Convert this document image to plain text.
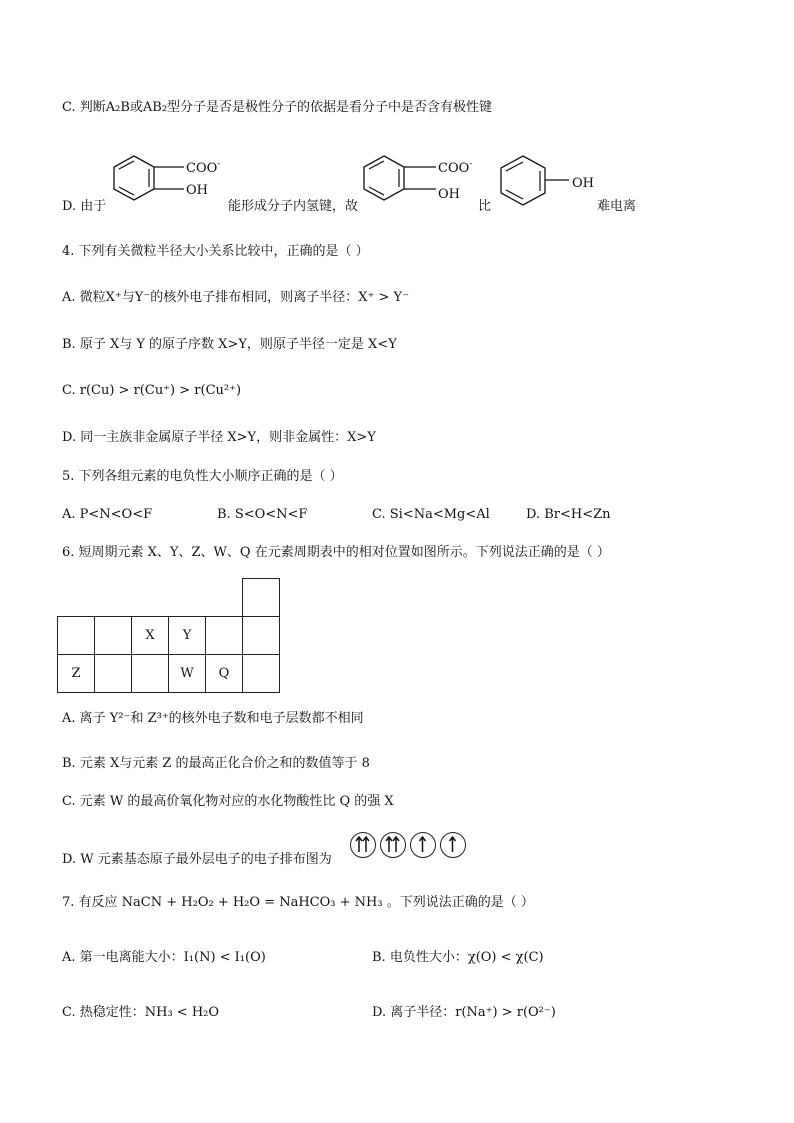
C. 判断A₂B或AB₂型分子是否是极性分子的依据是看分子中是否含有极性键
COO-
OH
D. 由于	能形成分子内氢键，故
COO-
OH
比
OH
难电离
4. 下列有关微粒半径大小关系比较中，正确的是（ ）
A. 微粒X⁺与Y⁻的核外电子排布相同，则离子半径：X⁺ > Y⁻
B. 原子 X与 Y 的原子序数 X>Y，则原子半径一定是 X<Y
C. r(Cu) > r(Cu⁺) > r(Cu²⁺)
D. 同一主族非金属原子半径 X>Y，则非金属性：X>Y
5. 下列各组元素的电负性大小顺序正确的是（ ）
A. P<N<O<F	B. S<O<N<F	C. Si<Na<Mg<Al	D. Br<H<Zn
6. 短周期元素 X、Y、Z、W、Q 在元素周期表中的相对位置如图所示。下列说法正确的是（ ）

		X	Y		
Z			W	Q	
A. 离子 Y²⁻和 Z³⁺的核外电子数和电子层数都不相同
B. 元素 X与元素 Z 的最高正化合价之和的数值等于 8
C. 元素 W 的最高价氧化物对应的水化物酸性比 Q 的强 X
D. W 元素基态原子最外层电子的电子排布图为
7. 有反应 NaCN + H₂O₂ + H₂O = NaHCO₃ + NH₃ 。下列说法正确的是（ ）
A. 第一电离能大小：I₁(N) < I₁(O)	B. 电负性大小：χ(O) < χ(C)
C. 热稳定性：NH₃ < H₂O	D. 离子半径：r(Na⁺) > r(O²⁻)
